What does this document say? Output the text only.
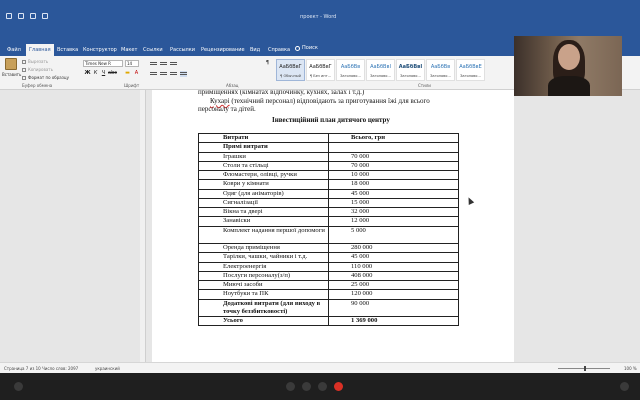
проект - Word
Файл	Главная	Вставка Конструктор Макет	Ссылки	Рассылки	Рецензирование	Вид	Справка	Поиск
Вставить
Вырезать
Копировать
Формат по образцу
Буфер обмена
Times New R	14
Ж К Ч abc ▬ A
Шрифт
¶
Абзац
АаБбВвГ
¶ Обычный
АаБбВвГ
¶ Без инт...
АаБбВв
Заголово...
АаБбВвI
Заголово...
АаБбВвІ
Заголово...
АаБбВв
Заголово...
АаБбВвЕ
Заголово...
Стили
приміщеннях (кімнатах відпочинку, кухнях, залах і т.д.)
Кухарі (технічний персонал) відповідають за приготування їжі для всього
персоналу та дітей.
Інвестиційний план дитячого центру
Витрати	Всього, грн
Прямі витрати	
Іграшки	70 000
Столи та стільці	70 000
Фломастери, олівці, ручки	10 000
Коври у кімнати	18 000
Одяг (для аніматорів)	45 000
Сигналізації	15 000
Вікна та двері	32 000
Занавіски	12 000
Комплект надання першої допомоги	5 000
Оренда приміщення	280 000
Тарілки, чашки, чайники і т.д.	45 000
Електроенергія	110 000
Послуги персоналу(з/п)	408 000
Миючі засоби	25 000
Ноутбуки та ПК	120 000
Додаткові витрати (для виходу в точку беззбитковості)	90 000
Усього	1 369 000
Страница 7 из 10 Число слов: 2097	украинский	100 %
